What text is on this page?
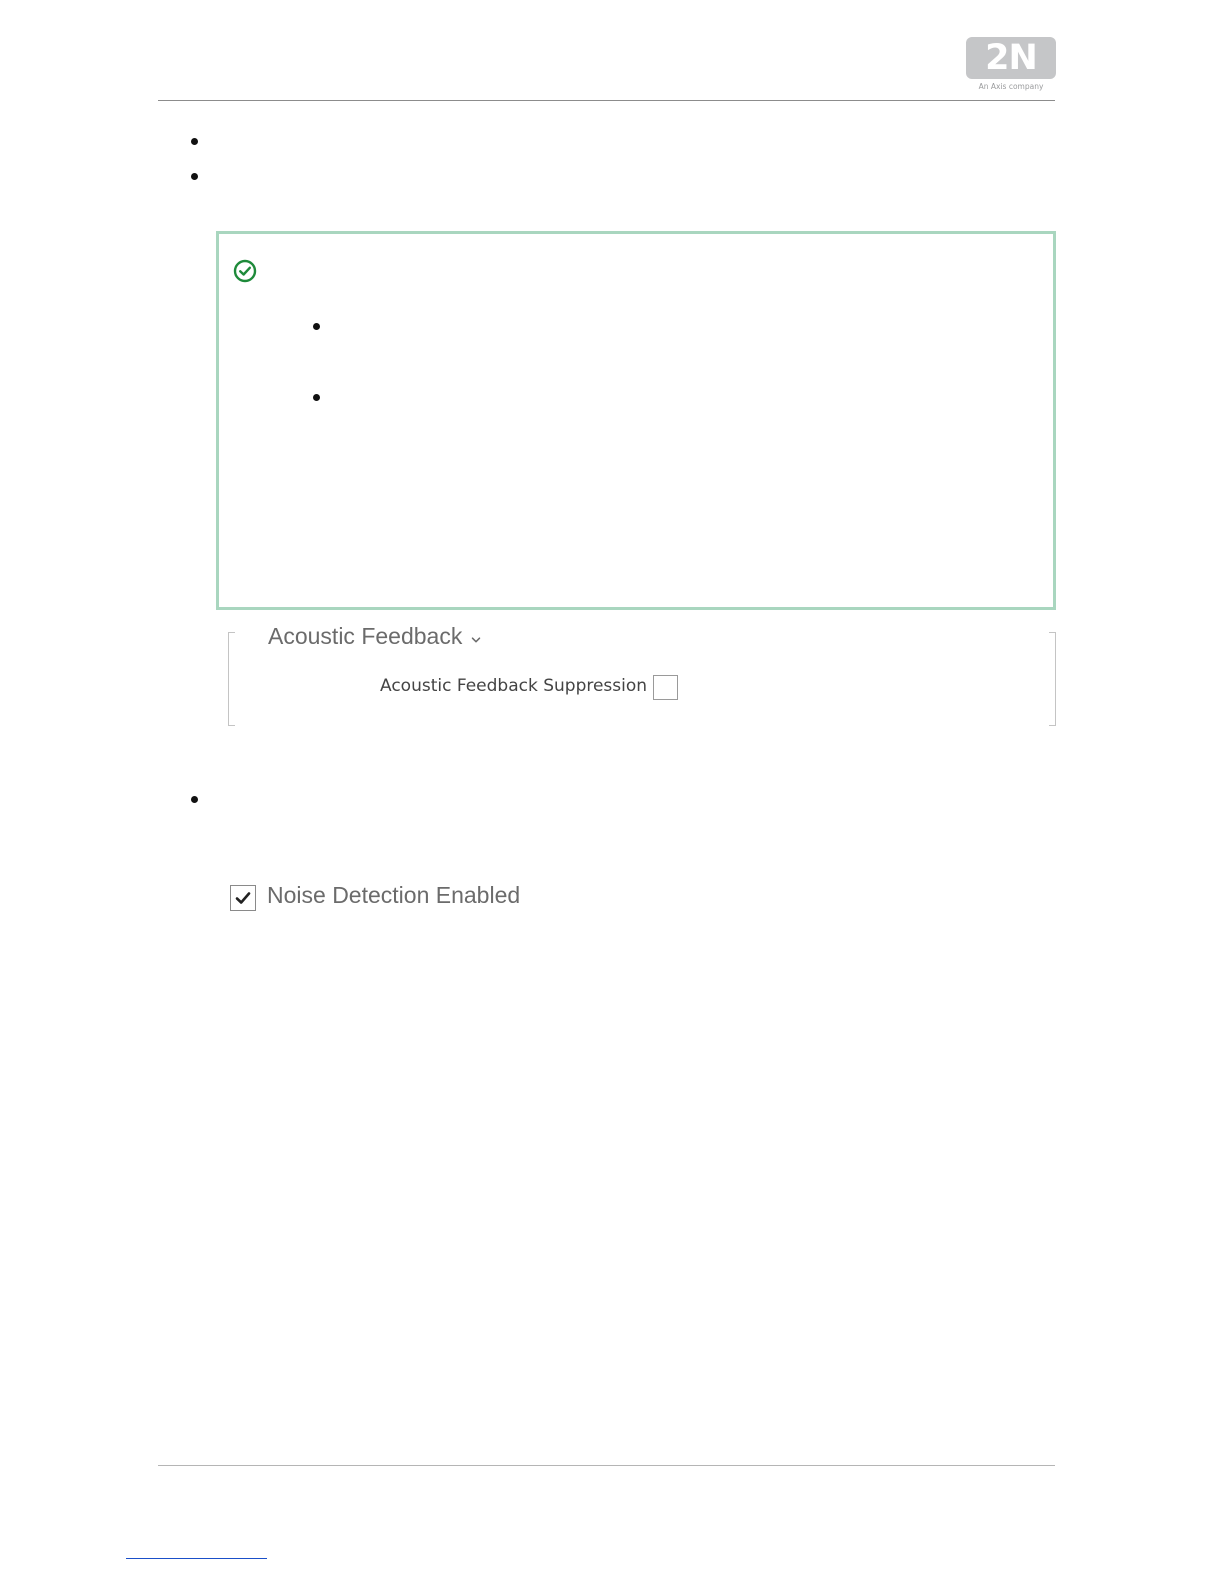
2N
An Axis company
Acoustic Feedback
Acoustic Feedback Suppression
Noise Detection Enabled
